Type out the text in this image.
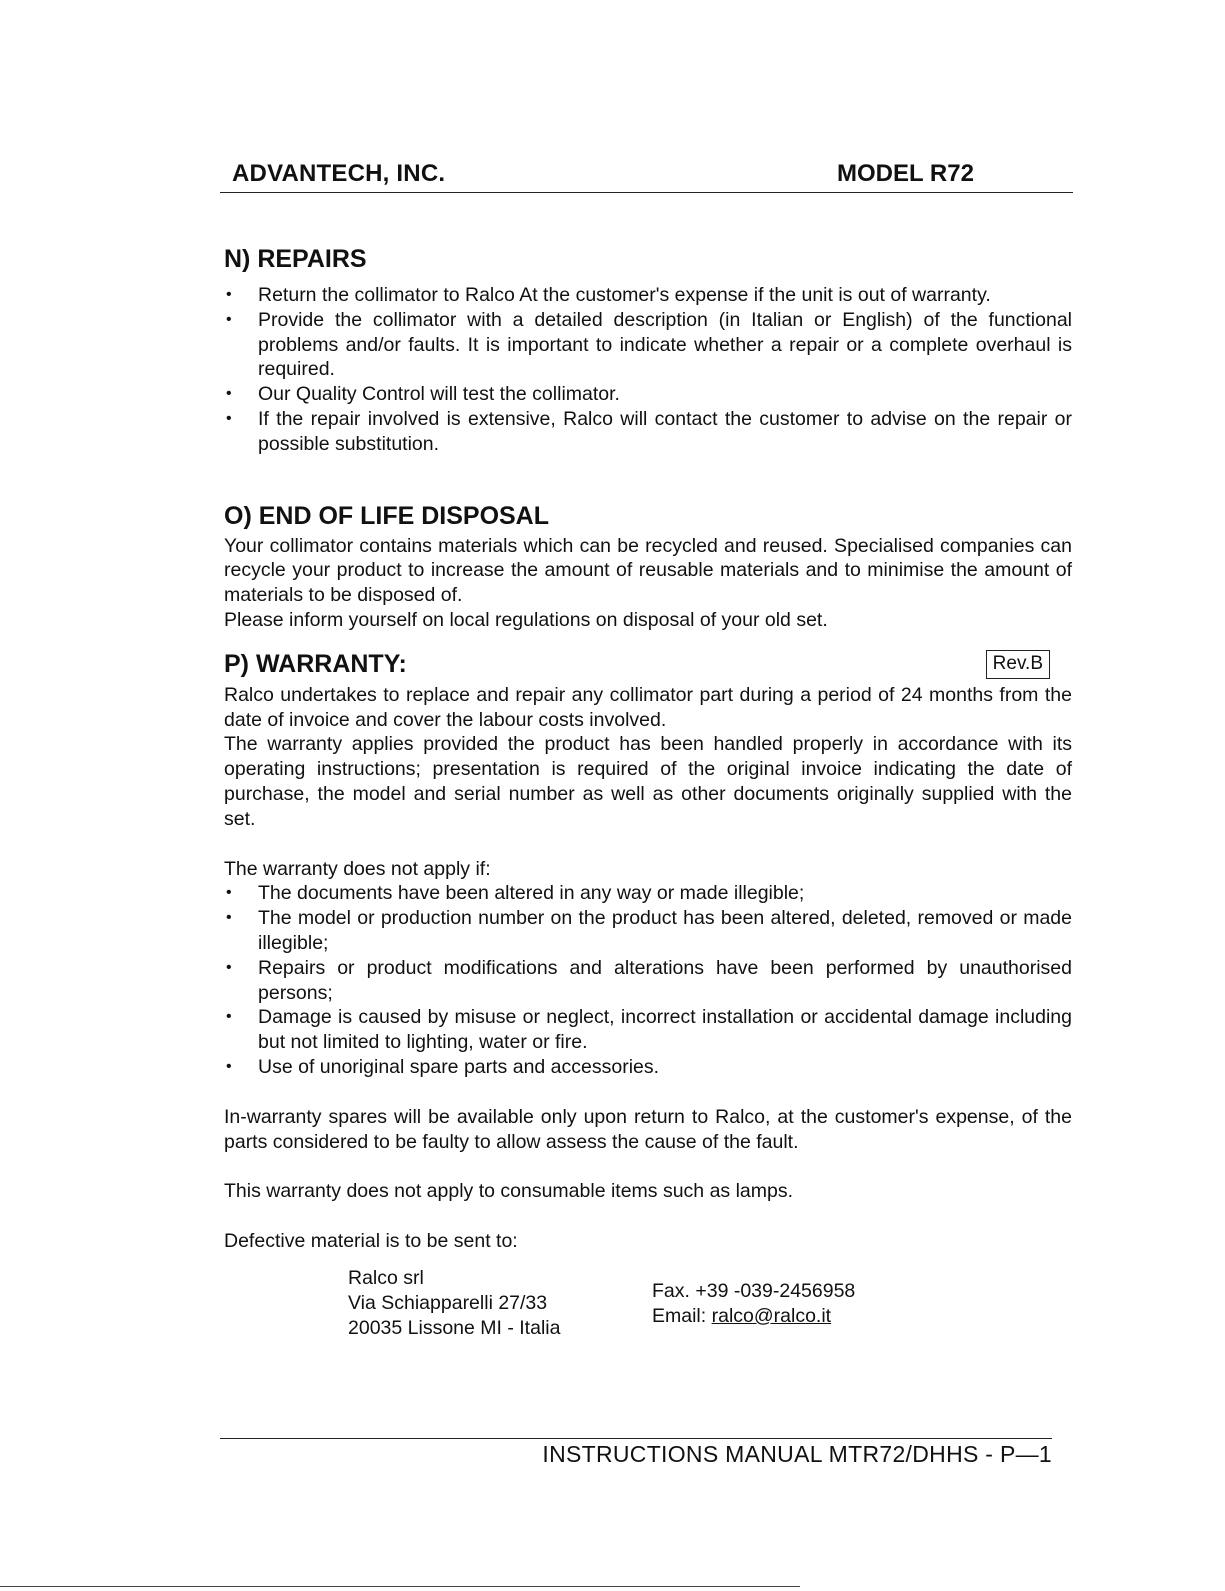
ADVANTECH, INC.	MODEL R72
N) REPAIRS
• Return the collimator to Ralco At the customer's expense if the unit is out of warranty.
• Provide the collimator with a detailed description (in Italian or English) of the functional problems and/or faults. It is important to indicate whether a repair or a complete overhaul is required.
• Our Quality Control will test the collimator.
• If the repair involved is extensive, Ralco will contact the customer to advise on the repair or possible substitution.
O) END OF LIFE DISPOSAL

Your collimator contains materials which can be recycled and reused. Specialised companies can recycle your product to increase the amount of reusable materials and to minimise the amount of materials to be disposed of.

Please inform yourself on local regulations on disposal of your old set.

P) WARRANTY:	Rev.B

Ralco undertakes to replace and repair any collimator part during a period of 24 months from the date of invoice and cover the labour costs involved.

The warranty applies provided the product has been handled properly in accordance with its operating instructions; presentation is required of the original invoice indicating the date of purchase, the model and serial number as well as other documents originally supplied with the set.

The warranty does not apply if:

• The documents have been altered in any way or made illegible;
• The model or production number on the product has been altered, deleted, removed or made illegible;
• Repairs or product modifications and alterations have been performed by unauthorised persons;
• Damage is caused by misuse or neglect, incorrect installation or accidental damage including but not limited to lighting, water or fire.
• Use of unoriginal spare parts and accessories.

In-warranty spares will be available only upon return to Ralco, at the customer's expense, of the parts considered to be faulty to allow assess the cause of the fault.

This warranty does not apply to consumable items such as lamps.

Defective material is to be sent to:

Ralco srl
Via Schiapparelli 27/33
20035 Lissone MI - Italia
Fax. +39 -039-2456958
Email: ralco@ralco.it
INSTRUCTIONS MANUAL MTR72/DHHS - P—1
